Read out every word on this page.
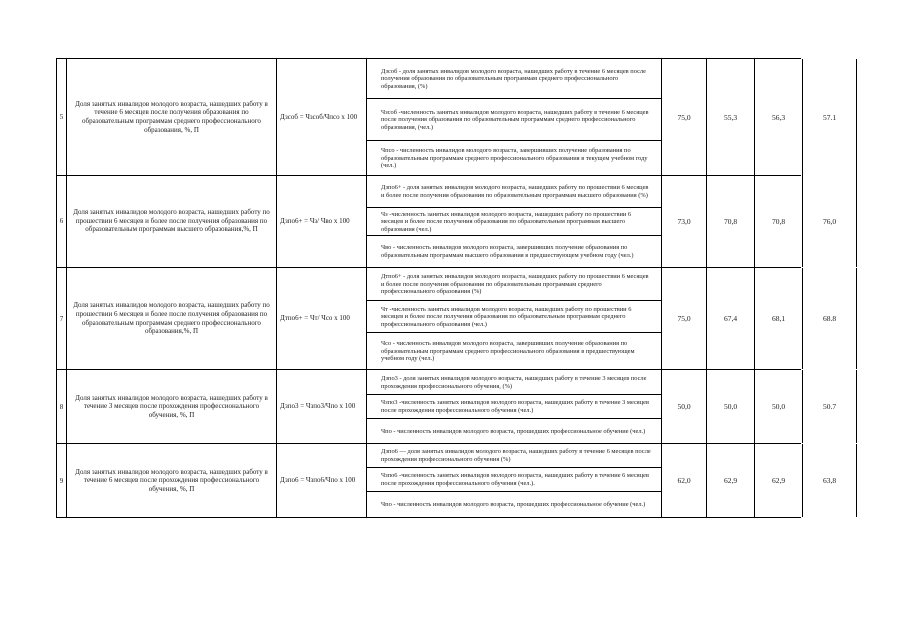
5
Доля занятых инвалидов молодого возраста, нашедших работу в течение 6 месяцев после получения образования по образовательным программам среднего профессионального образования, %, П
Дзсоб = Чзсоб/Чпсо х 100
Дзсоб - доля занятых инвалидов молодого возраста, нашедших работу в течение 6 месяцев после получения образования по образовательным программам среднего профессионального образования, (%)
Чзсоб -численность занятых инвалидов молодого возраста, нашедших работу в течение 6 месяцев после получения образования по образовательным программам среднего профессионального образования, (чел.)
Чпсо - численность инвалидов молодого возраста, завершивших получение образования по образовательным программам среднего профессионального образования в текущем учебном году (чел.)
75,0	55,3	56,3	57.1
6
Доля занятых инвалидов молодого возраста, нашедших работу по прошествии 6 месяцев и более после получения образования по образовательным программам высшего образования,%, П
Дзпо6+ = Чз/ Чво х 100
Дзпо6+ - доля занятых инвалидов молодого возраста, нашедших работу по прошествии 6 месяцев и более после получения образования по образовательным программам высшего образования (%)
Чз -численность занятых инвалидов молодого возраста, нашедших работу по прошествии 6 месяцев и более после получения образования по образовательным программам высшего образования (чел.)
Чво - численность инвалидов молодого возраста, завершивших получение образования по образовательным программам высшего образования в предшествующем учебном году (чел.)
73,0	70,8	70,8	76,0
7
Доля занятых инвалидов молодого возраста, нашедших работу по прошествии 6 месяцев и более после получения образования по образовательным программам среднего профессионального образования,%, П
Дтпо6+ = Чт/ Чсо х 100
Дтпо6+ - доля занятых инвалидов молодого возраста, нашедших работу по прошествии 6 месяцев и более после получения образования по образовательным программам среднего профессионального образования (%)
Чт -численность занятых инвалидов молодого возраста, нашедших работу по прошествии 6 месяцев и более после получения образования по образовательным программам среднего профессионального образования (чел.)
Чсо - численность инвалидов молодого возраста, завершивших получение образования по образовательным программам среднего профессионального образования в предшествующем учебном году (чел.)
75,0	67,4	68,1	68.8
8
Доля занятых инвалидов молодого возраста, нашедших работу в течение 3 месяцев после прохождения профессионального обучения, %, П
Дзпо3 = Чзпо3/Чпо х 100
Дзпо3 - доля занятых инвалидов молодого возраста, нашедших работу в течение 3 месяцев после прохождения профессионального обучения, (%)
Чзпо3 -численность занятых инвалидов молодого возраста, нашедших работу в течение 3 месяцев после прохождения профессионального обучения (чел.)
Чпо - численность инвалидов молодого возраста, прошедших профессиональное обучение (чел.)
50,0	50,0	50,0	50.7
9
Доля занятых инвалидов молодого возраста, нашедших работу в течение 6 месяцев после прохождения профессионального обучения, %, П
Дзпо6 = Чзпо6/Чпо х 100
Дзпо6 — доля занятых инвалидов молодого возраста, нашедших работу в течение 6 месяцев после прохождения профессионального обучения (%)
Чзпо6 -численность занятых инвалидов молодого возраста, нашедших работу в течение 6 месяцев после прохождения профессионального обучения (чел.).
Чпо - численность инвалидов молодого возраста, прошедших профессиональное обучение (чел.)
62,0	62,9	62,9	63,8
